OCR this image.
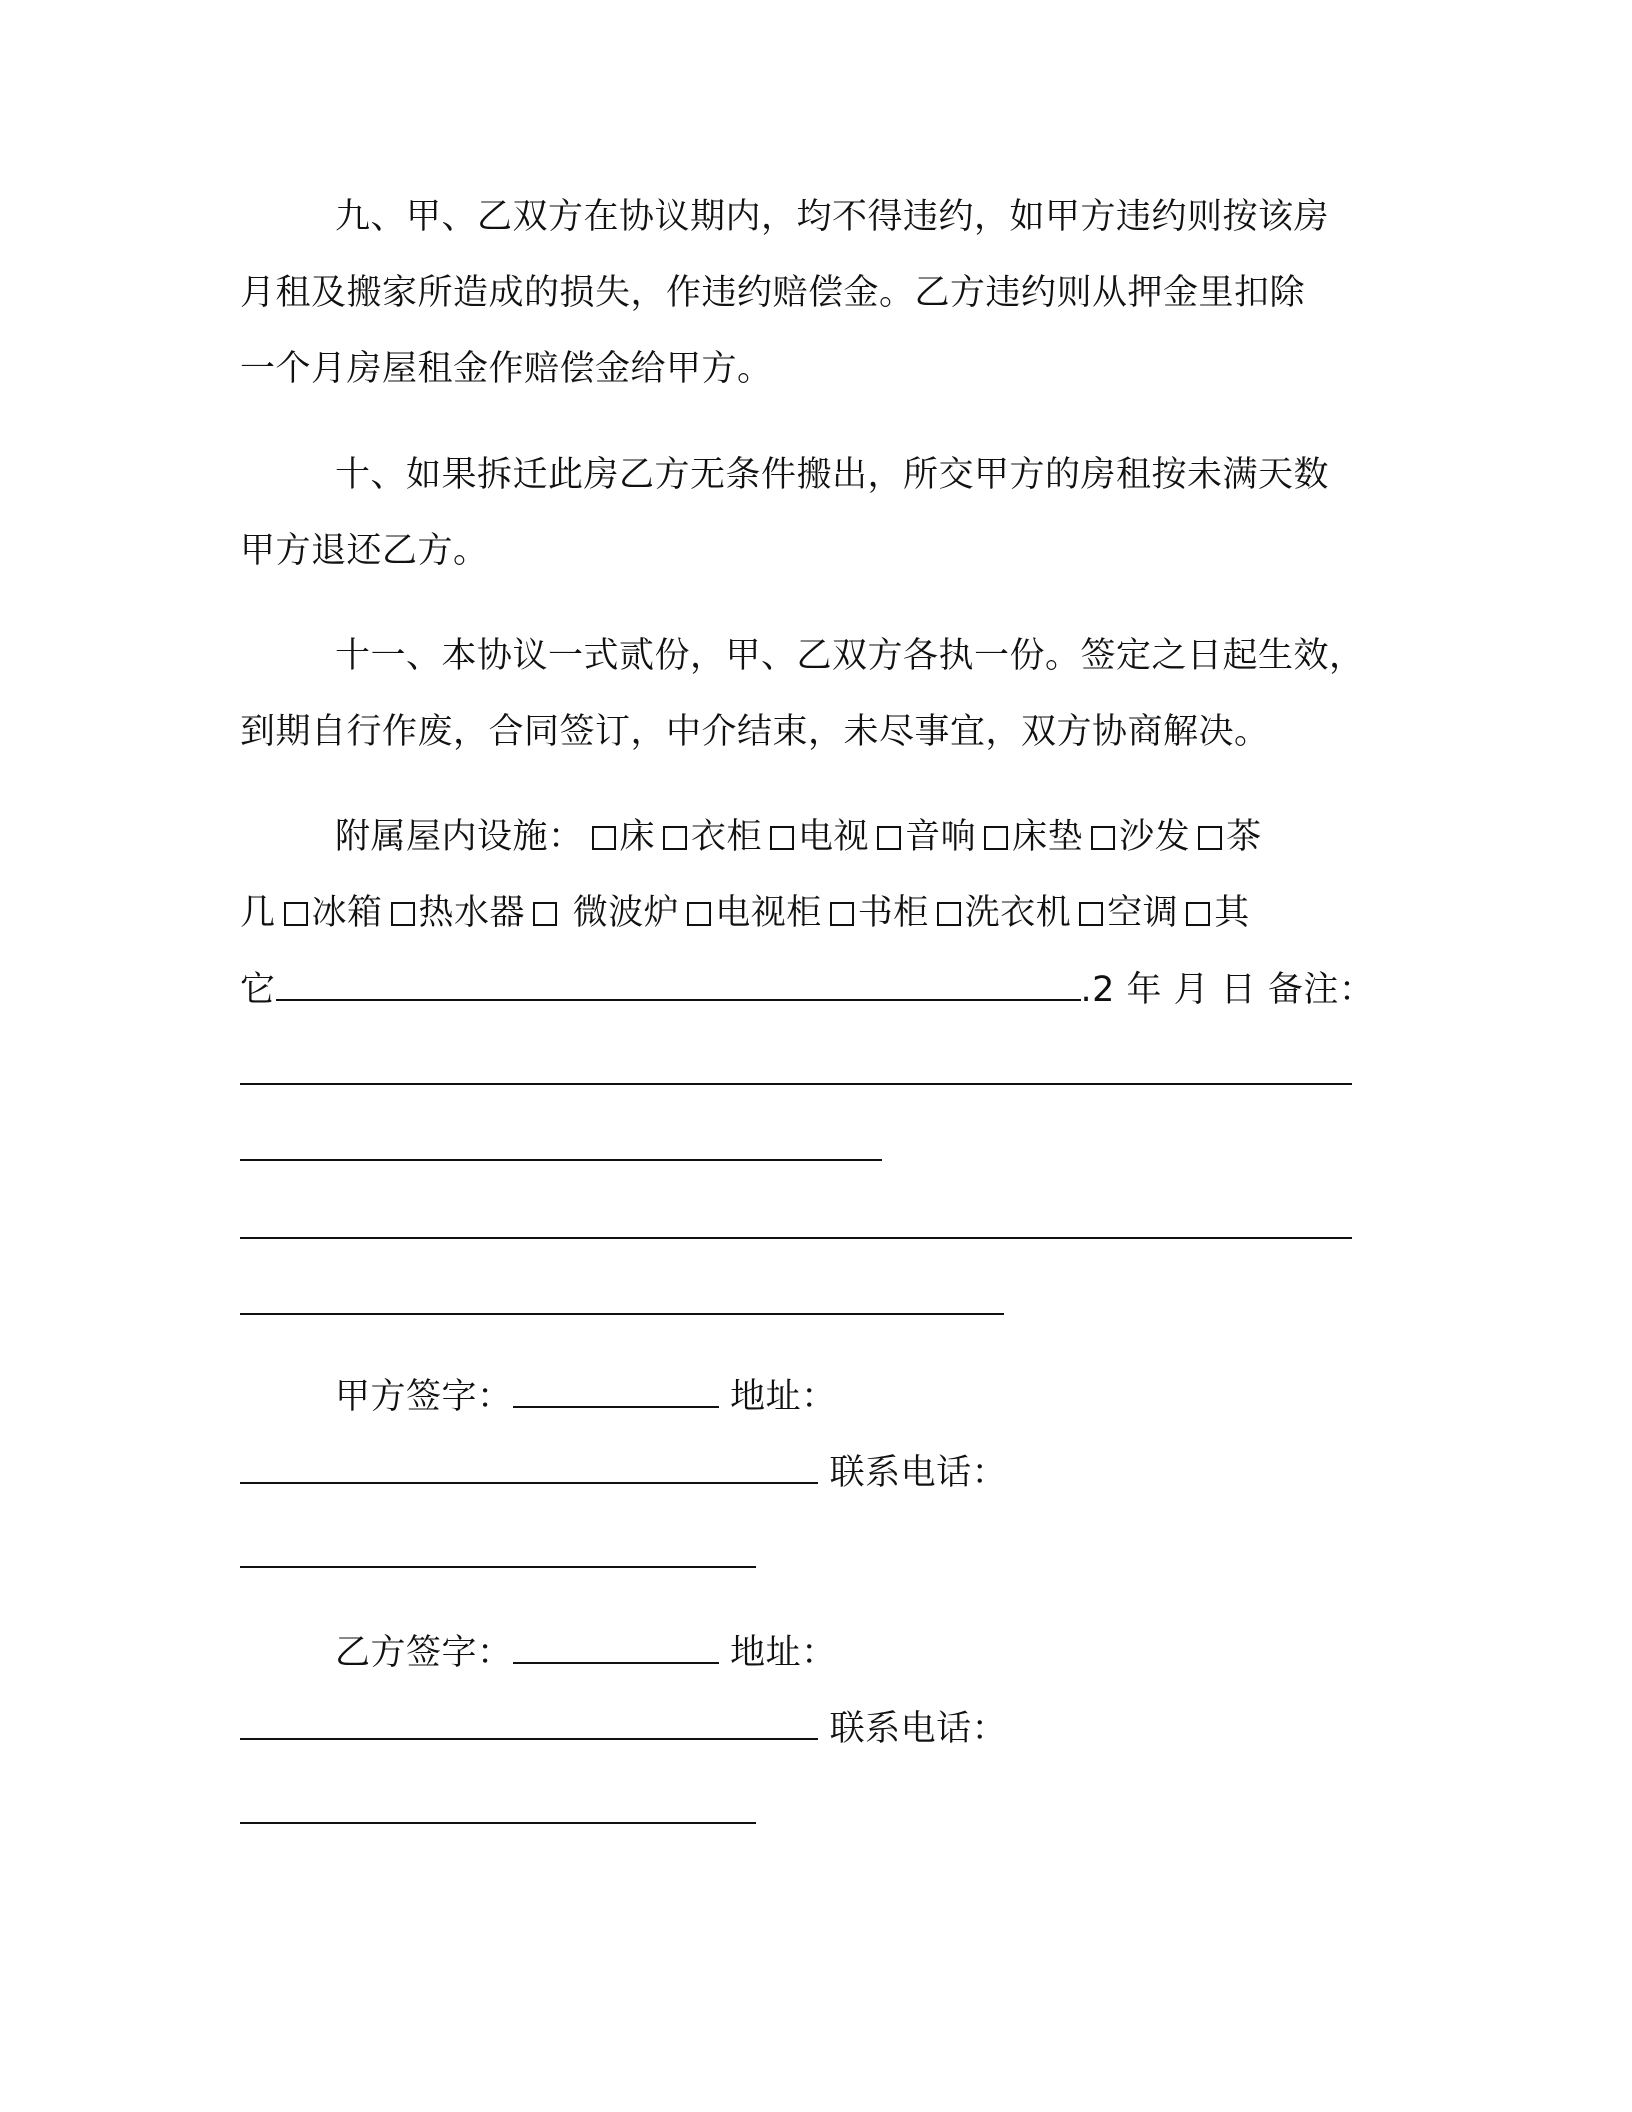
九、甲、乙双方在协议期内，均不得违约，如甲方违约则按该房
月租及搬家所造成的损失，作违约赔偿金。乙方违约则从押金里扣除
一个月房屋租金作赔偿金给甲方。
十、如果拆迁此房乙方无条件搬出，所交甲方的房租按未满天数
甲方退还乙方。
十一、本协议一式贰份，甲、乙双方各执一份。签定之日起生效，
到期自行作废，合同签订，中介结束，未尽事宜，双方协商解决。
附属屋内设施： 床 衣柜 电视 音响 床垫 沙发 茶
几 冰箱 热水器 微波炉 电视柜 书柜 洗衣机 空调 其
它	.2 年 月 日 备注：
甲方签字：	地址：
联系电话：
乙方签字：	地址：
联系电话：
